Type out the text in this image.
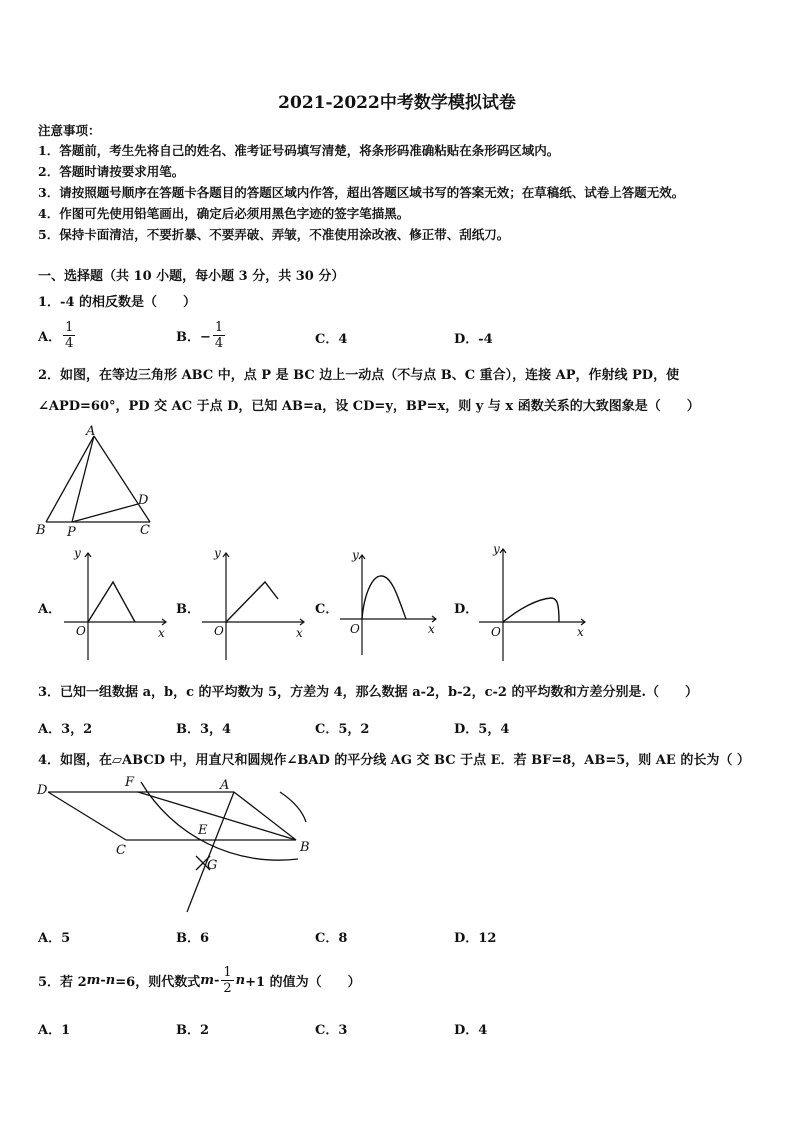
2021-2022中考数学模拟试卷
注意事项：
1．答题前，考生先将自己的姓名、准考证号码填写清楚，将条形码准确粘贴在条形码区域内。
2．答题时请按要求用笔。
3．请按照题号顺序在答题卡各题目的答题区域内作答，超出答题区域书写的答案无效；在草稿纸、试卷上答题无效。
4．作图可先使用铅笔画出，确定后必须用黑色字迹的签字笔描黑。
5．保持卡面清洁，不要折暴、不要弄破、弄皱，不准使用涂改液、修正带、刮纸刀。
一、选择题（共 10 小题，每小题 3 分，共 30 分）
1．-4 的相反数是（　　）
A． $\frac{1}{4}$	B．− $\frac{1}{4}$	C．4	D．-4
2．如图，在等边三角形 ABC 中，点 P 是 BC 边上一动点（不与点 B、C 重合），连接 AP，作射线 PD，使
∠APD=60°，PD 交 AC 于点 D，已知 AB=a，设 CD=y，BP=x，则 y 与 x 函数关系的大致图象是（　　）
A
B	C
D
P
A．
y
x
O
B．
y
x
O
C．
y
x
O
D．
y
x
O
3．已知一组数据 a，b，c 的平均数为 5，方差为 4，那么数据 a-2，b-2，c-2 的平均数和方差分别是.（　　）
A．3，2	B．3，4	C．5，2	D．5，4
4．如图，在▱ABCD 中，用直尺和圆规作∠BAD 的平分线 AG 交 BC 于点 E．若 BF=8，AB=5，则 AE 的长为（ ）
D
F	A
E
C	B
G
A．5	B．6	C．8	D．12
5．若 2 m - n =6，则代数式 m - $\frac{1}{2}$ n +1 的值为（　　）
A．1	B．2	C．3	D．4
